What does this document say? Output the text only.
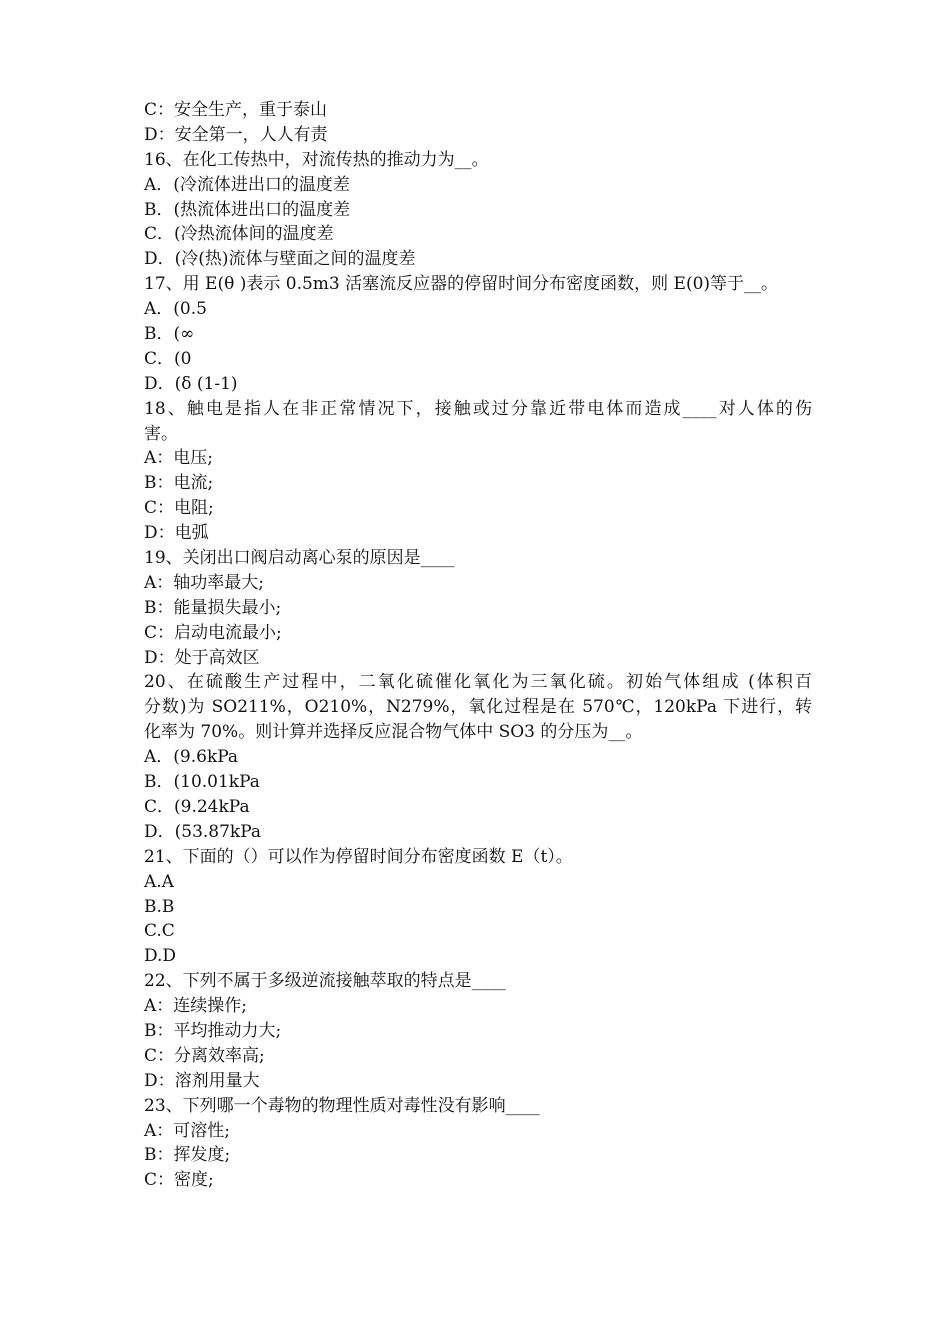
C：安全生产，重于泰山
D：安全第一，人人有责
16、在化工传热中，对流传热的推动力为__。
A．(冷流体进出口的温度差
B．(热流体进出口的温度差
C．(冷热流体间的温度差
D．(冷(热)流体与壁面之间的温度差
17、用 E(θ )表示 0.5m3 活塞流反应器的停留时间分布密度函数，则 E(0)等于__。
A．(0.5
B．(∞
C．(0
D．(δ (1-1)
18、触电是指人在非正常情况下，接触或过分靠近带电体而造成____对人体的伤
害。
A：电压;
B：电流;
C：电阻;
D：电弧
19、关闭出口阀启动离心泵的原因是____
A：轴功率最大;
B：能量损失最小;
C：启动电流最小;
D：处于高效区
20、在硫酸生产过程中，二氧化硫催化氧化为三氧化硫。初始气体组成 (体积百
分数)为 SO211%，O210%，N279%，氧化过程是在 570℃，120kPa 下进行，转
化率为 70%。则计算并选择反应混合物气体中 SO3 的分压为__。
A．(9.6kPa
B．(10.01kPa
C．(9.24kPa
D．(53.87kPa
21、下面的（）可以作为停留时间分布密度函数 E（t）。
A.A
B.B
C.C
D.D
22、下列不属于多级逆流接触萃取的特点是____
A：连续操作;
B：平均推动力大;
C：分离效率高;
D：溶剂用量大
23、下列哪一个毒物的物理性质对毒性没有影响____
A：可溶性;
B：挥发度;
C：密度;
